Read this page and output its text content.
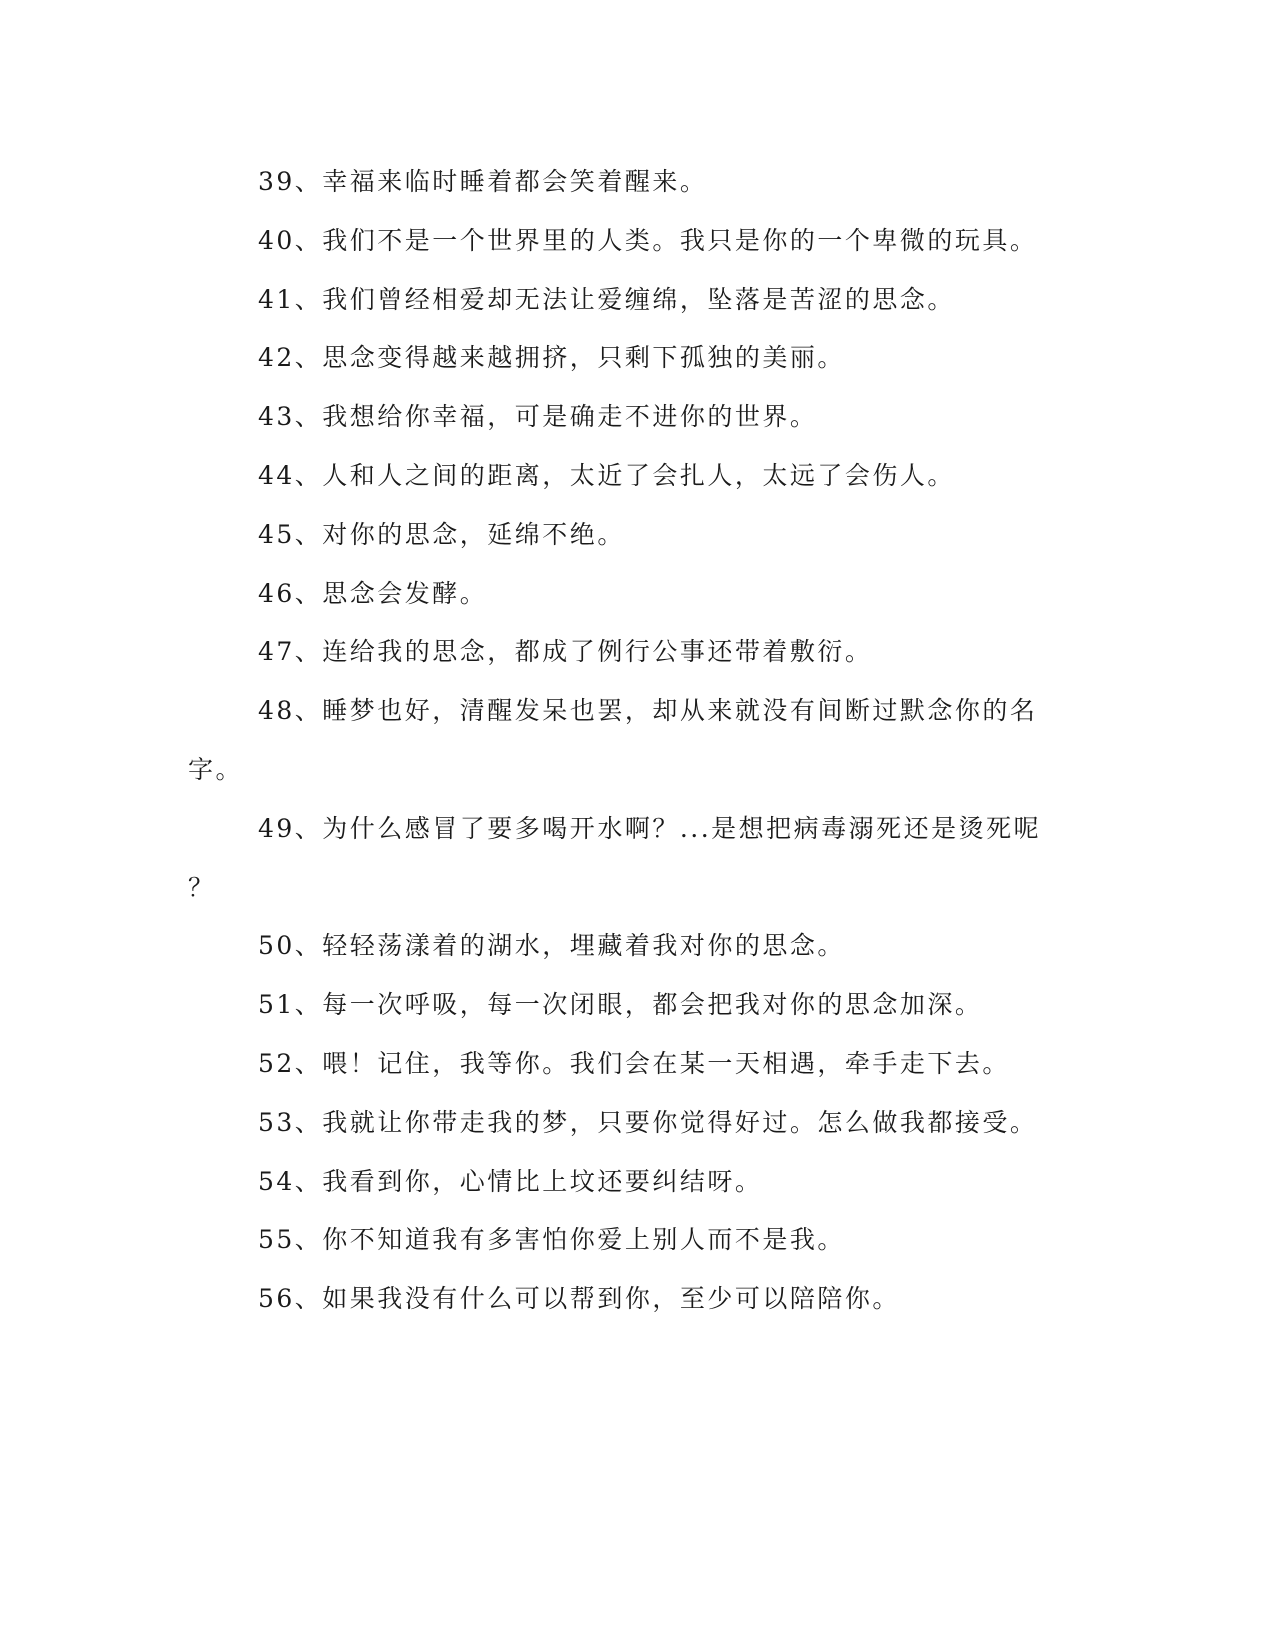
39、幸福来临时睡着都会笑着醒来。
40、我们不是一个世界里的人类。我只是你的一个卑微的玩具。
41、我们曾经相爱却无法让爱缠绵，坠落是苦涩的思念。
42、思念变得越来越拥挤，只剩下孤独的美丽。
43、我想给你幸福，可是确走不进你的世界。
44、人和人之间的距离，太近了会扎人，太远了会伤人。
45、对你的思念，延绵不绝。
46、思念会发酵。
47、连给我的思念，都成了例行公事还带着敷衍。
48、睡梦也好，清醒发呆也罢，却从来就没有间断过默念你的名
字。
49、为什么感冒了要多喝开水啊？...是想把病毒溺死还是烫死呢
？
50、轻轻荡漾着的湖水，埋藏着我对你的思念。
51、每一次呼吸，每一次闭眼，都会把我对你的思念加深。
52、喂！记住，我等你。我们会在某一天相遇，牵手走下去。
53、我就让你带走我的梦，只要你觉得好过。怎么做我都接受。
54、我看到你，心情比上坟还要纠结呀。
55、你不知道我有多害怕你爱上别人而不是我。
56、如果我没有什么可以帮到你，至少可以陪陪你。
